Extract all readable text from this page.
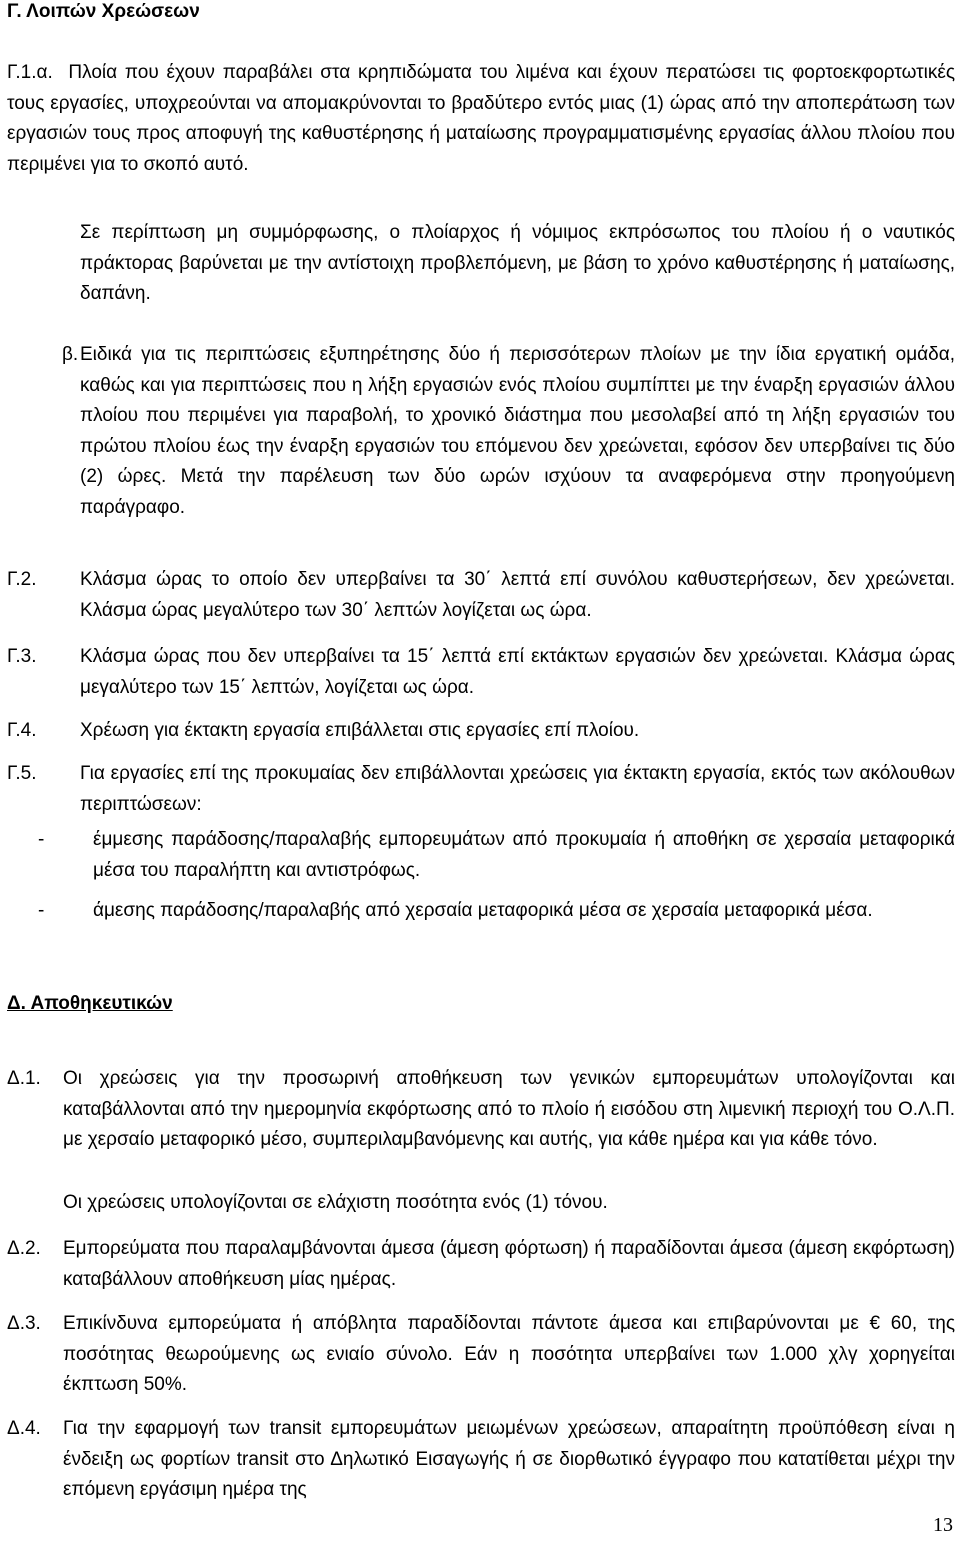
Γ. Λοιπών Χρεώσεων
Γ.1.α. Πλοία που έχουν παραβάλει στα κρηπιδώματα του λιμένα και έχουν περατώσει τις φορτοεκφορτωτικές τους εργασίες, υποχρεούνται να απομακρύνονται το βραδύτερο εντός μιας (1) ώρας από την αποπεράτωση των εργασιών τους προς αποφυγή της καθυστέρησης ή ματαίωσης προγραμματισμένης εργασίας άλλου πλοίου που περιμένει για το σκοπό αυτό.
Σε περίπτωση μη συμμόρφωσης, ο πλοίαρχος ή νόμιμος εκπρόσωπος του πλοίου ή ο ναυτικός πράκτορας βαρύνεται με την αντίστοιχη προβλεπόμενη, με βάση το χρόνο καθυστέρησης ή ματαίωσης, δαπάνη.
β. Ειδικά για τις περιπτώσεις εξυπηρέτησης δύο ή περισσότερων πλοίων με την ίδια εργατική ομάδα, καθώς και για περιπτώσεις που η λήξη εργασιών ενός πλοίου συμπίπτει με την έναρξη εργασιών άλλου πλοίου που περιμένει για παραβολή, το χρονικό διάστημα που μεσολαβεί από τη λήξη εργασιών του πρώτου πλοίου έως την έναρξη εργασιών του επόμενου δεν χρεώνεται, εφόσον δεν υπερβαίνει τις δύο (2) ώρες. Μετά την παρέλευση των δύο ωρών ισχύουν τα αναφερόμενα στην προηγούμενη παράγραφο.
Γ.2.	Κλάσμα ώρας το οποίο δεν υπερβαίνει τα 30΄ λεπτά επί συνόλου καθυστερήσεων, δεν χρεώνεται. Κλάσμα ώρας μεγαλύτερο των 30΄ λεπτών λογίζεται ως ώρα.
Γ.3.	Κλάσμα ώρας που δεν υπερβαίνει τα 15΄ λεπτά επί εκτάκτων εργασιών δεν χρεώνεται. Κλάσμα ώρας μεγαλύτερο των 15΄ λεπτών, λογίζεται ως ώρα.
Γ.4.	Χρέωση για έκτακτη εργασία επιβάλλεται στις εργασίες επί πλοίου.
Γ.5.	Για εργασίες επί της προκυμαίας δεν επιβάλλονται χρεώσεις για έκτακτη εργασία, εκτός των ακόλουθων περιπτώσεων:
-	έμμεσης παράδοσης/παραλαβής εμπορευμάτων από προκυμαία ή αποθήκη σε χερσαία μεταφορικά μέσα του παραλήπτη και αντιστρόφως.
-	άμεσης παράδοσης/παραλαβής από χερσαία μεταφορικά μέσα σε χερσαία μεταφορικά μέσα.
Δ. Αποθηκευτικών
Δ.1.	Οι χρεώσεις για την προσωρινή αποθήκευση των γενικών εμπορευμάτων υπολογίζονται και καταβάλλονται από την ημερομηνία εκφόρτωσης από το πλοίο ή εισόδου στη λιμενική περιοχή του Ο.Λ.Π. με χερσαίο μεταφορικό μέσο, συμπεριλαμβανόμενης και αυτής, για κάθε ημέρα και για κάθε τόνο.
Οι χρεώσεις υπολογίζονται σε ελάχιστη ποσότητα ενός (1) τόνου.
Δ.2.	Εμπορεύματα που παραλαμβάνονται άμεσα (άμεση φόρτωση) ή παραδίδονται άμεσα (άμεση εκφόρτωση) καταβάλλουν αποθήκευση μίας ημέρας.
Δ.3.	Επικίνδυνα εμπορεύματα ή απόβλητα παραδίδονται πάντοτε άμεσα και επιβαρύνονται με € 60, της ποσότητας θεωρούμενης ως ενιαίο σύνολο. Εάν η ποσότητα υπερβαίνει των 1.000 χλγ χορηγείται έκπτωση 50%.
Δ.4.	Για την εφαρμογή των transit εμπορευμάτων μειωμένων χρεώσεων, απαραίτητη προϋπόθεση είναι η ένδειξη ως φορτίων transit στο Δηλωτικό Εισαγωγής ή σε διορθωτικό έγγραφο που κατατίθεται μέχρι την επόμενη εργάσιμη ημέρα της
13
